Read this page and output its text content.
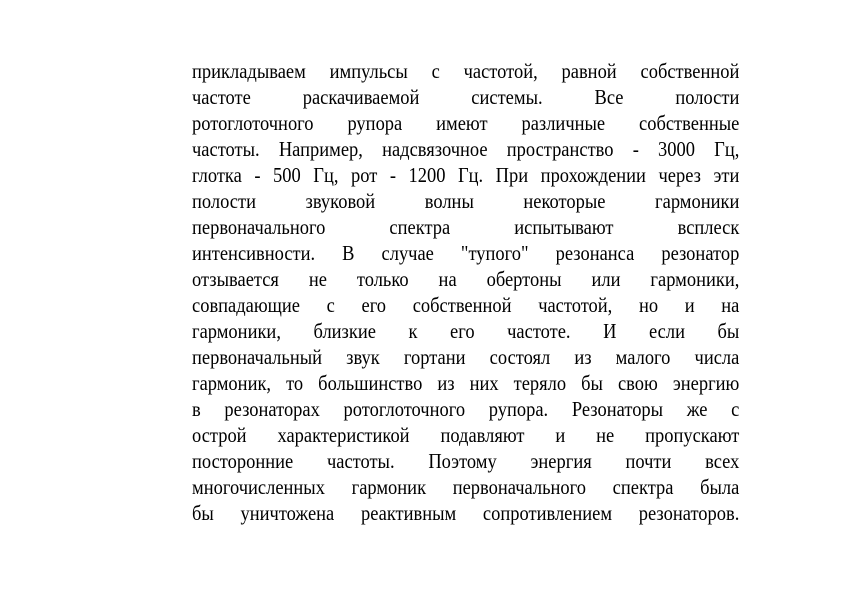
прикладываем импульсы с частотой, равной собственной
частоте раскачиваемой системы. Все полости
ротоглоточного рупора имеют различные собственные
частоты. Например, надсвязочное пространство - 3000 Гц,
глотка - 500 Гц, рот - 1200 Гц. При прохождении через эти
полости звуковой волны некоторые гармоники
первоначального спектра испытывают всплеск
интенсивности. В случае "тупого" резонанса резонатор
отзывается не только на обертоны или гармоники,
совпадающие с его собственной частотой, но и на
гармоники, близкие к его частоте. И если бы
первоначальный звук гортани состоял из малого числа
гармоник, то большинство из них теряло бы свою энергию
в резонаторах ротоглоточного рупора. Резонаторы же с
острой характеристикой подавляют и не пропускают
посторонние частоты. Поэтому энергия почти всех
многочисленных гармоник первоначального спектра была
бы уничтожена реактивным сопротивлением резонаторов.
